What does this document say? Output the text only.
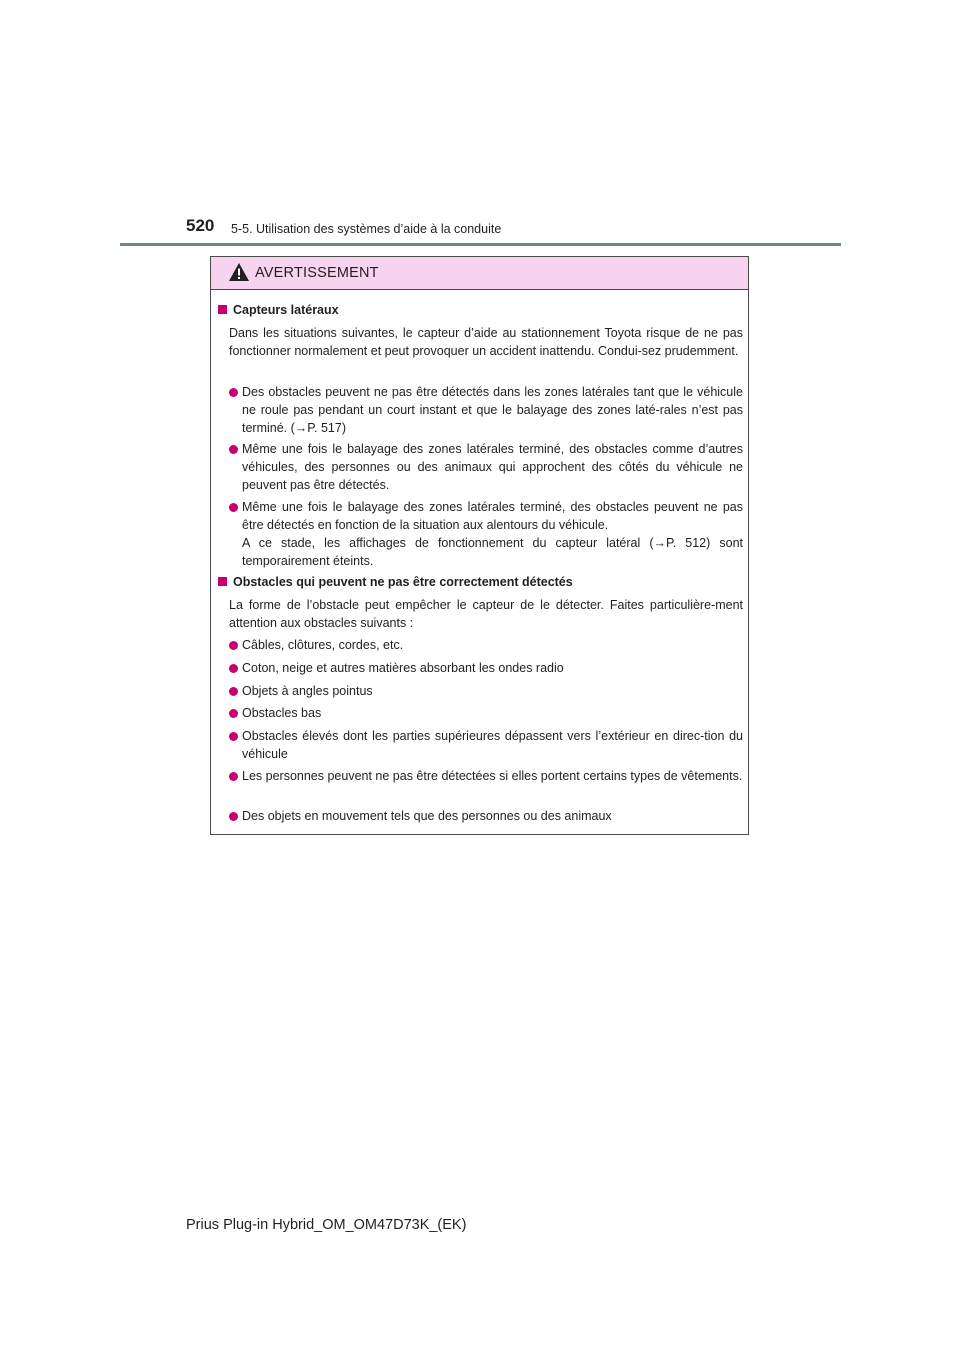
520 5-5. Utilisation des systèmes d’aide à la conduite
AVERTISSEMENT
Capteurs latéraux
Dans les situations suivantes, le capteur d’aide au stationnement Toyota risque de ne pas fonctionner normalement et peut provoquer un accident inattendu. Condui-sez prudemment.
Des obstacles peuvent ne pas être détectés dans les zones latérales tant que le véhicule ne roule pas pendant un court instant et que le balayage des zones laté-rales n’est pas terminé. (→P. 517)
Même une fois le balayage des zones latérales terminé, des obstacles comme d’autres véhicules, des personnes ou des animaux qui approchent des côtés du véhicule ne peuvent pas être détectés.
Même une fois le balayage des zones latérales terminé, des obstacles peuvent ne pas être détectés en fonction de la situation aux alentours du véhicule.
A ce stade, les affichages de fonctionnement du capteur latéral (→P. 512) sont temporairement éteints.
Obstacles qui peuvent ne pas être correctement détectés
La forme de l’obstacle peut empêcher le capteur de le détecter. Faites particulière-ment attention aux obstacles suivants :
Câbles, clôtures, cordes, etc.
Coton, neige et autres matières absorbant les ondes radio
Objets à angles pointus
Obstacles bas
Obstacles élevés dont les parties supérieures dépassent vers l’extérieur en direc-tion du véhicule
Les personnes peuvent ne pas être détectées si elles portent certains types de vêtements.
Des objets en mouvement tels que des personnes ou des animaux
Prius Plug-in Hybrid_OM_OM47D73K_(EK)
